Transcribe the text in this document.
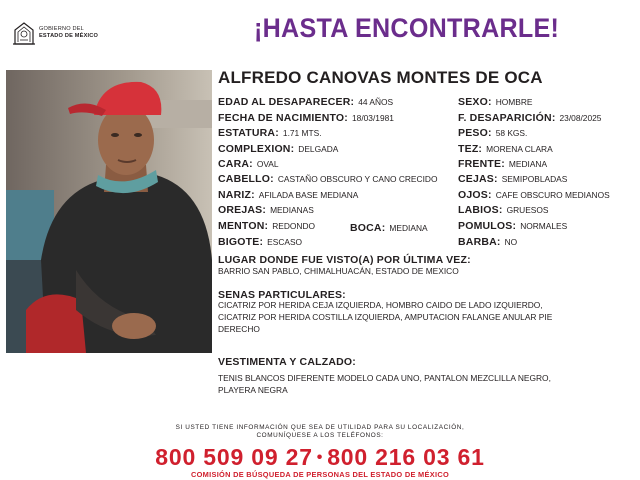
GOBIERNO DEL
ESTADO DE MÉXICO	¡HASTA ENCONTRARLE!
ALFREDO CANOVAS MONTES DE OCA
EDAD AL DESAPARECER: 44 AÑOS
FECHA DE NACIMIENTO: 18/03/1981
ESTATURA: 1.71 MTS.
COMPLEXION: DELGADA
CARA: OVAL
CABELLO: CASTAÑO OBSCURO Y CANO CRECIDO
NARIZ: AFILADA BASE MEDIANA
OREJAS: MEDIANAS
MENTON: REDONDO	BOCA: MEDIANA
BIGOTE: ESCASO
SEXO: HOMBRE
F. DESAPARICIÓN: 23/08/2025
PESO: 58 KGS.
TEZ: MORENA CLARA
FRENTE: MEDIANA
CEJAS: SEMIPOBLADAS
OJOS: CAFE OBSCURO MEDIANOS
LABIOS: GRUESOS
POMULOS: NORMALES
BARBA: NO
LUGAR DONDE FUE VISTO(A) POR ÚLTIMA VEZ:
BARRIO SAN PABLO, CHIMALHUACÁN, ESTADO DE MEXICO
SENAS PARTICULARES:
CICATRIZ POR HERIDA CEJA IZQUIERDA, HOMBRO CAIDO DE LADO IZQUIERDO,
CICATRIZ POR HERIDA COSTILLA IZQUIERDA, AMPUTACION FALANGE ANULAR PIE
DERECHO
VESTIMENTA Y CALZADO:
TENIS BLANCOS DIFERENTE MODELO CADA UNO, PANTALON MEZCLILLA NEGRO,
PLAYERA NEGRA
SI USTED TIENE INFORMACIÓN QUE SEA DE UTILIDAD PARA SU LOCALIZACIÓN,
COMUNÍQUESE A LOS TELÉFONOS:
800 509 09 27 • 800 216 03 61
COMISIÓN DE BÚSQUEDA DE PERSONAS DEL ESTADO DE MÉXICO
